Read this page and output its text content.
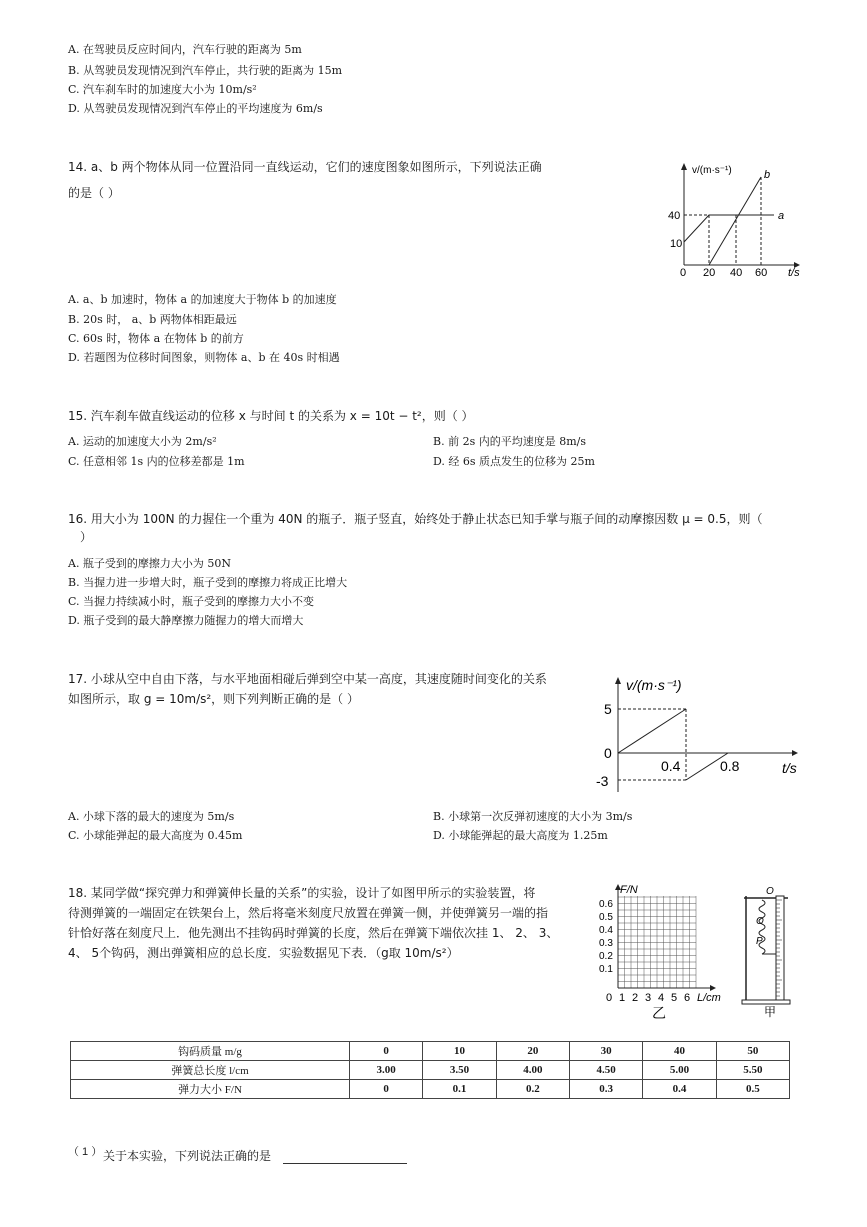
A. 在驾驶员反应时间内，汽车行驶的距离为 5m
B. 从驾驶员发现情况到汽车停止，共行驶的距离为 15m
C. 汽车刹车时的加速度大小为 10m/s²
D. 从驾驶员发现情况到汽车停止的平均速度为 6m/s
14. a、b 两个物体从同一位置沿同一直线运动，它们的速度图象如图所示，下列说法正确
的是（ ）
v/(m·s⁻¹)
40
10
0 20 40 60 t/s
a
b
A. a、b 加速时，物体 a 的加速度大于物体 b 的加速度
B. 20s 时， a、b 两物体相距最远
C. 60s 时，物体 a 在物体 b 的前方
D. 若题图为位移时间图象，则物体 a、b 在 40s 时相遇
15. 汽车刹车做直线运动的位移 x 与时间 t 的关系为 x = 10t − t²，则（ ）
A. 运动的加速度大小为 2m/s²	B. 前 2s 内的平均速度是 8m/s
C. 任意相邻 1s 内的位移差都是 1m	D. 经 6s 质点发生的位移为 25m
16. 用大小为 100N 的力握住一个重为 40N 的瓶子．瓶子竖直，始终处于静止状态已知手掌与瓶子间的动摩擦因数 μ = 0.5，则（
）
A. 瓶子受到的摩擦力大小为 50N
B. 当握力进一步增大时，瓶子受到的摩擦力将成正比增大
C. 当握力持续减小时，瓶子受到的摩擦力大小不变
D. 瓶子受到的最大静摩擦力随握力的增大而增大
17. 小球从空中自由下落，与水平地面相碰后弹到空中某一高度，其速度随时间变化的关系
如图所示，取 g = 10m/s²，则下列判断正确的是（ ）
v/(m·s⁻¹)
5
0
-3
0.4	0.8	t/s
A. 小球下落的最大的速度为 5m/s	B. 小球第一次反弹初速度的大小为 3m/s
C. 小球能弹起的最大高度为 0.45m	D. 小球能弹起的最大高度为 1.25m
18. 某同学做“探究弹力和弹簧伸长量的关系”的实验，设计了如图甲所示的实验装置，将
待测弹簧的一端固定在铁架台上，然后将毫米刻度尺放置在弹簧一侧，并使弹簧另一端的指
针恰好落在刻度尺上．他先测出不挂钩码时弹簧的长度，然后在弹簧下端依次挂 1、 2、 3、
4、 5个钩码，测出弹簧相应的总长度．实验数据见下表．（g取 10m/s²）
F/N
0.6
0.5
0.4
0.3
0.2
0.1
0 1 2 3 4 5 6 L/cm
乙
O
O
P
甲
钩码质量 m/g	0	10	20	30	40	50
弹簧总长度 l/cm	3.00	3.50	4.00	4.50	5.00	5.50
弹力大小 F/N	0	0.1	0.2	0.3	0.4	0.5
（ 1 ） 关于本实验，下列说法正确的是
